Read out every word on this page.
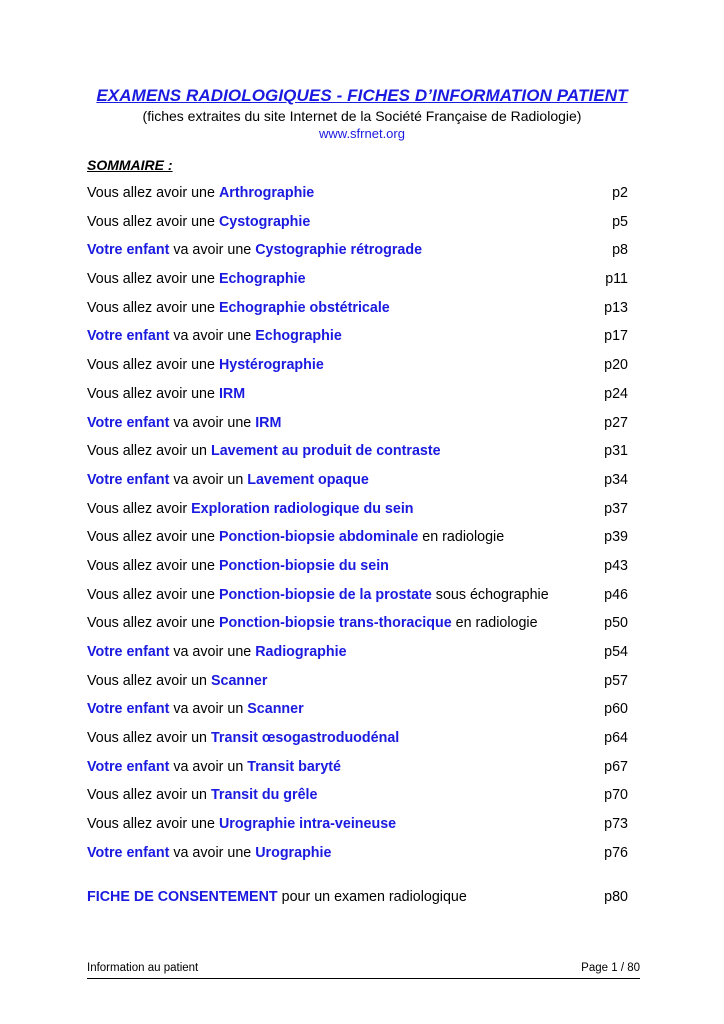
EXAMENS RADIOLOGIQUES - FICHES D’INFORMATION PATIENT
(fiches extraites du site Internet de la Société Française de Radiologie)
www.sfrnet.org
SOMMAIRE :
Vous allez avoir une Arthrographie	p2
Vous allez avoir une Cystographie	p5
Votre enfant va avoir une Cystographie rétrograde	p8
Vous allez avoir une Echographie	p11
Vous allez avoir une Echographie obstétricale	p13
Votre enfant va avoir une Echographie	p17
Vous allez avoir une Hystérographie	p20
Vous allez avoir une IRM	p24
Votre enfant va avoir une IRM	p27
Vous allez avoir un Lavement au produit de contraste	p31
Votre enfant va avoir un Lavement opaque	p34
Vous allez avoir Exploration radiologique du sein	p37
Vous allez avoir une Ponction-biopsie abdominale en radiologie	p39
Vous allez avoir une Ponction-biopsie du sein	p43
Vous allez avoir une Ponction-biopsie de la prostate sous échographie	p46
Vous allez avoir une Ponction-biopsie trans-thoracique en radiologie	p50
Votre enfant va avoir une Radiographie	p54
Vous allez avoir un Scanner	p57
Votre enfant va avoir un Scanner	p60
Vous allez avoir un Transit œsogastroduodénal	p64
Votre enfant va avoir un Transit baryté	p67
Vous allez avoir un Transit du grêle	p70
Vous allez avoir une Urographie intra-veineuse	p73
Votre enfant va avoir une Urographie	p76
FICHE DE CONSENTEMENT pour un examen radiologique	p80
Information au patient	Page 1 / 80
